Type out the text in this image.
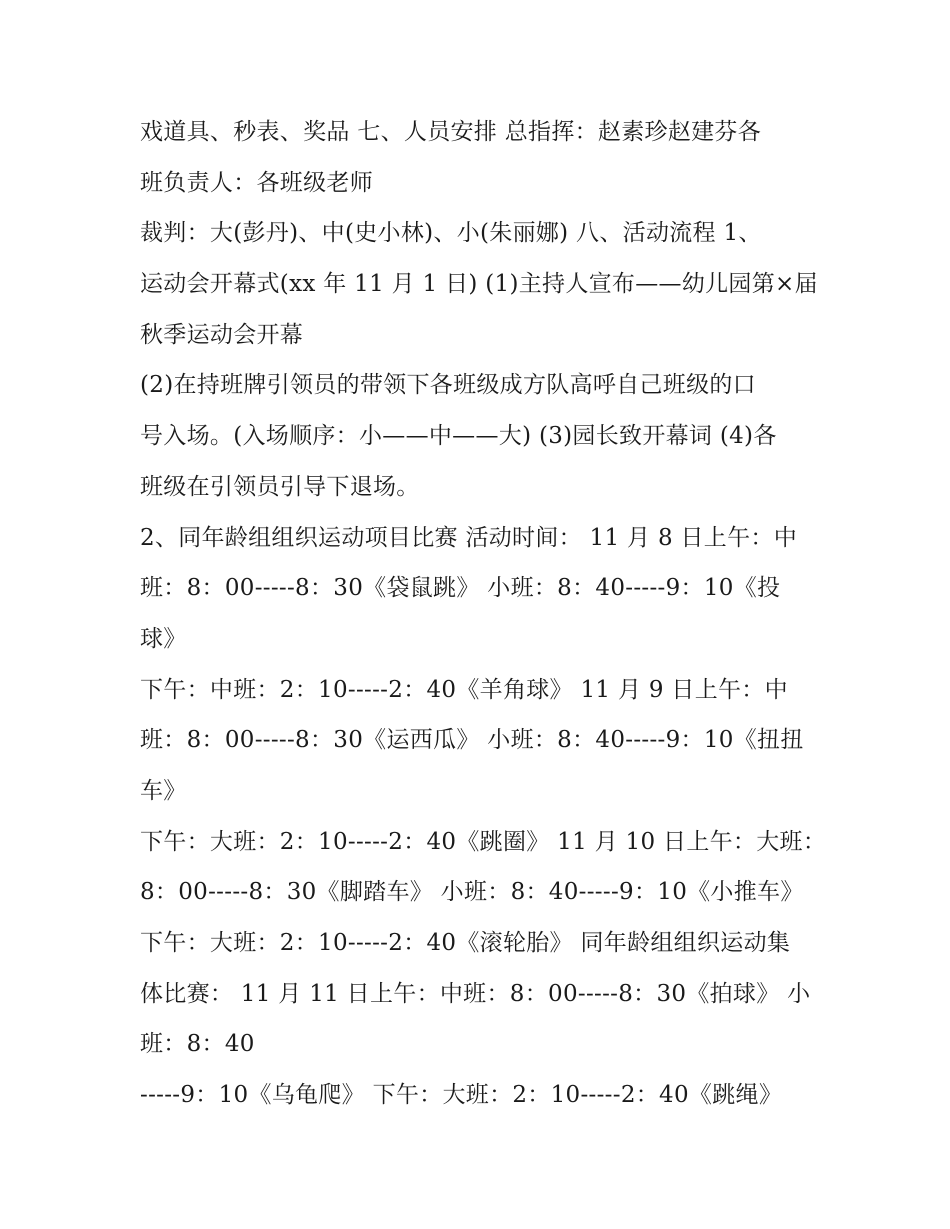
戏道具、秒表、奖品 七、人员安排 总指挥：赵素珍赵建芬各
班负责人：各班级老师
裁判：大(彭丹)、中(史小林)、小(朱丽娜) 八、活动流程 1、
运动会开幕式(xx 年 11 月 1 日) (1)主持人宣布——幼儿园第×届
秋季运动会开幕
(2)在持班牌引领员的带领下各班级成方队高呼自己班级的口
号入场。(入场顺序：小——中——大) (3)园长致开幕词 (4)各
班级在引领员引导下退场。
2、同年龄组组织运动项目比赛 活动时间： 11 月 8 日上午：中
班：8：00-----8：30《袋鼠跳》 小班：8：40-----9：10《投
球》
下午：中班：2：10-----2：40《羊角球》 11 月 9 日上午：中
班：8：00-----8：30《运西瓜》 小班：8：40-----9：10《扭扭
车》
下午：大班：2：10-----2：40《跳圈》 11 月 10 日上午：大班：
8：00-----8：30《脚踏车》 小班：8：40-----9：10《小推车》
下午：大班：2：10-----2：40《滚轮胎》 同年龄组组织运动集
体比赛： 11 月 11 日上午：中班：8：00-----8：30《拍球》 小
班：8：40
-----9：10《乌龟爬》 下午：大班：2：10-----2：40《跳绳》
